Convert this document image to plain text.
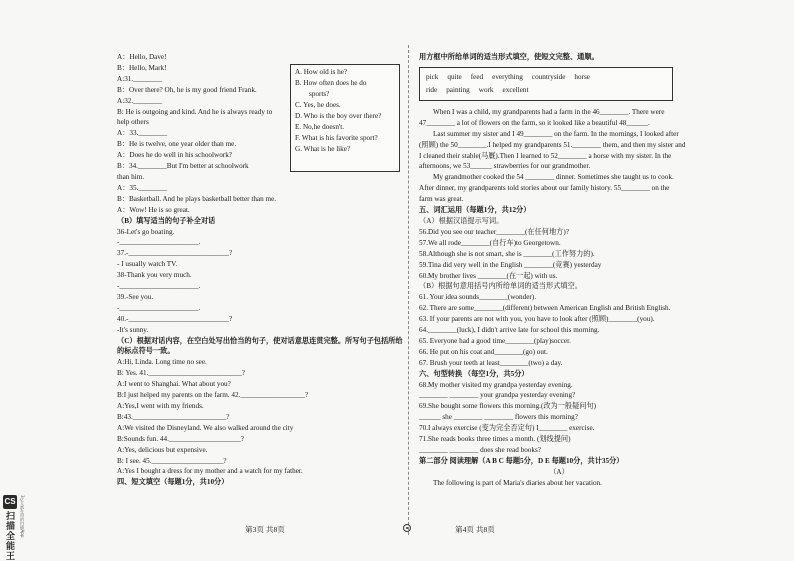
A：Hello, Dave!
B：Hello, Mark!
A:31.________
B：Over there? Oh, he is my good friend Frank.
A:32.________
B: He is outgoing and kind. And he is always ready to
help others
A：33.________
B：He is twelve, one year older than me.
A：Does he do well in his schoolwork?
B：34.________But I'm better at schoolwork
than him.
A：35.________
B：Basketball. And he plays basketball better than me.
A：Wow! He is so great.
（B）填写适当的句子补全对话
36-Let's go boating.
-______________________.
37.-____________________________?
- I usually watch TV.
38-Thank you very much.
-______________________.
39.-See you.
-______________________.
40.-____________________________?
-It's sunny.
（C）根据对话内容，在空白处写出恰当的句子，使对话意思连贯完整。所写句子包括所给的标点符号一致。
A:Hi, Linda. Long time no see.
B: Yes. 41.__________________________?
A:I went to Shanghai. What about you?
B:I just helped my parents on the farm. 42.__________________?
A:Yes,I went with my friends.
B:43.__________________________?
A:We visited the Disneyland. We also walked around the city
B:Sounds fun. 44.____________________?
A:Yes, delicious but expensive.
B: I see. 45.____________________?
A:Yes I bought a dress for my mother and a watch for my father.
四、短文填空（每题1分，共10分）
A. How old is he?
B. How often does he do
sports?
C. Yes, he does.
D. Who is the boy over there?
E. No,he doesn't.
F. What is his favorite sport?
G. What is he like?
第3页 共8页
用方框中所给单词的适当形式填空，使短文完整、通顺。
pick quite feed everything countryside horse
ride painting work excellent
When I was a child, my grandparents had a farm in the 46________. There were
47________ a lot of flowers on the farm, so it looked like a beautiful 48______.
Last summer my sister and I 49________ on the farm. In the mornings, I looked after
(照顾) the 50________.I helped my grandparents 51.________ them, and then my sister and
I cleaned their stable(马厩).Then I learned to 52________ a horse with my sister. In the
afternoons, we 53______ strawberries for our grandmother.
My grandmother cooked the 54 ________ dinner. Sometimes she taught us to cook.
After dinner, my grandparents told stories about our family history. 55________ on the
farm was great.
五、词汇运用（每题1分，共12分）
（A）根据汉语提示写词。
56.Did you see our teacher________(在任何地方)?
57.We all rode________(自行车)to Georgetown.
58.Although she is not smart, she is ________(工作努力的).
59.Tina did very well in the English ________(竞赛) yesterday
60.My brother lives ________(在一起) with us.
（B）根据句意用括号内所给单词的适当形式填空。
61. Your idea sounds________(wonder).
62. There are some________(different) between American English and British English.
63. If your parents are not with you, you have to look after (照顾)________(you).
64.________(luck), I didn't arrive late for school this morning.
65. Everyone had a good time________(play)soccer.
66. He put on his coat and________(go) out.
67. Brush your teeth at least________(two) a day.
六、句型转换 （每空1分，共5分）
68.My mother visited my grandpa yesterday evening.
________ ________ your grandpa yesterday evening?
69.She bought some flowers this morning.(改为一般疑问句)
______ she ________ ________ flowers this morning?
70.I always exercise (变为完全否定句) I________ exercise.
71.She reads books three times a month. (划线提问)
________ ________ does she read books?
第二部分 阅读理解（A B C 每题5分，D E 每题10分，共计35分）
（A）
The following is part of Maria's diaries about her vacation.
第4页 共8页
CS
扫描全能王	3亿人都在用的扫描App
